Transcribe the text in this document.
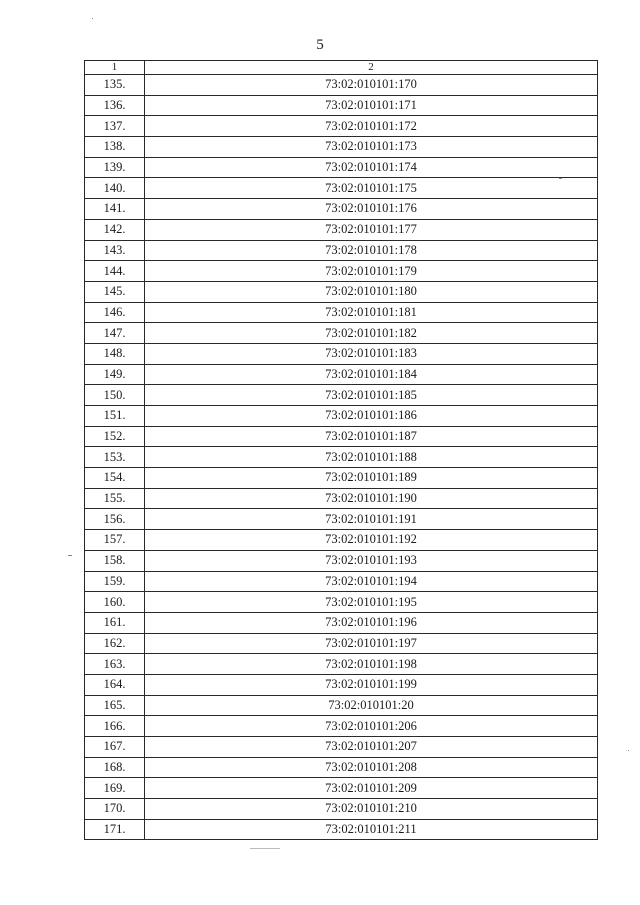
5
1	2
135.	73:02:010101:170
136.	73:02:010101:171
137.	73:02:010101:172
138.	73:02:010101:173
139.	73:02:010101:174
140.	73:02:010101:175
141.	73:02:010101:176
142.	73:02:010101:177
143.	73:02:010101:178
144.	73:02:010101:179
145.	73:02:010101:180
146.	73:02:010101:181
147.	73:02:010101:182
148.	73:02:010101:183
149.	73:02:010101:184
150.	73:02:010101:185
151.	73:02:010101:186
152.	73:02:010101:187
153.	73:02:010101:188
154.	73:02:010101:189
155.	73:02:010101:190
156.	73:02:010101:191
157.	73:02:010101:192
158.	73:02:010101:193
159.	73:02:010101:194
160.	73:02:010101:195
161.	73:02:010101:196
162.	73:02:010101:197
163.	73:02:010101:198
164.	73:02:010101:199
165.	73:02:010101:20
166.	73:02:010101:206
167.	73:02:010101:207
168.	73:02:010101:208
169.	73:02:010101:209
170.	73:02:010101:210
171.	73:02:010101:211
